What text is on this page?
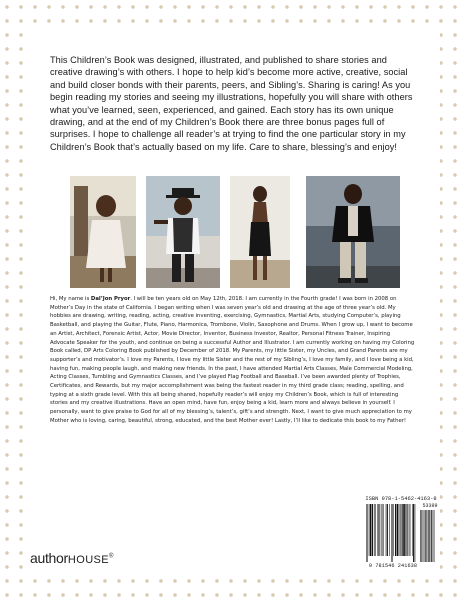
This Children’s Book was designed, illustrated, and published to share stories and creative drawing’s with others. I hope to help kid’s become more active, creative, social and build closer bonds with their parents, peers, and Sibling’s. Sharing is caring! As you begin reading my stories and seeing my illustrations, hopefully you will share with others what you’ve learned, seen, experienced, and gained. Each story has its own unique drawing, and at the end of my Children’s Book there are three bonus pages full of surprises. I hope to challenge all reader’s at trying to find the one particular story in my Children’s Book that’s actually based on my life. Care to share, blessing’s and enjoy!

Hi, My name is Dal’Jon Pryor. I will be ten years old on May 12th, 2018. I am currently in the Fourth grade! I was born in 2008 on Mother’s Day in the state of California. I began writing when I was seven year’s old and drawing at the age of three year’s old. My hobbies are drawing, writing, reading, acting, creative inventing, exercising, Gymnastics, Martial Arts, studying Computer’s, playing Basketball, and playing the Guitar, Flute, Piano, Harmonica, Trombone, Violin, Saxophone and Drums. When I grow up, I want to become an Artist, Architect, Forensic Artist, Actor, Movie Director, Inventor, Business Investor, Realtor, Personal Fitness Trainer, Inspiring Advocate Speaker for the youth, and continue on being a successful Author and Illustrator. I am currently working on having my Coloring Book called, DP Arts Coloring Book published by December of 2018. My Parents, my little Sister, my Uncles, and Grand Parents are my supporter’s and motivator’s. I love my Parents, I love my little Sister and the rest of my Sibling’s, I love my family, and I love being a kid, having fun, making people laugh, and making new friends. In the past, I have attended Martial Arts Classes, Male Commercial Modeling, Acting Classes, Tumbling and Gymnastics Classes, and I’ve played Flag Football and Baseball. I’ve been awarded plenty of Trophies, Certificates, and Rewards, but my major accomplishment was being the fastest reader in my third grade class; reading, spelling, and typing at a sixth grade level. With this all being shared, hopefully reader’s will enjoy my Children’s Book, which is full of interesting stories and my creative illustrations. Have an open mind, have fun, enjoy being a kid, learn more and always believe in yourself. I personally, want to give praise to God for all of my blessing’s, talent’s, gift’s and strength. Next, I want to give much appreciation to my Mother who is loving, caring, beautiful, strong, educated, and the best Mother ever! Lastly, I’ll like to dedicate this book to my Father!

authorHOUSE®
ISBN 978-1-5462-4163-8
53399
9 781546 241638
